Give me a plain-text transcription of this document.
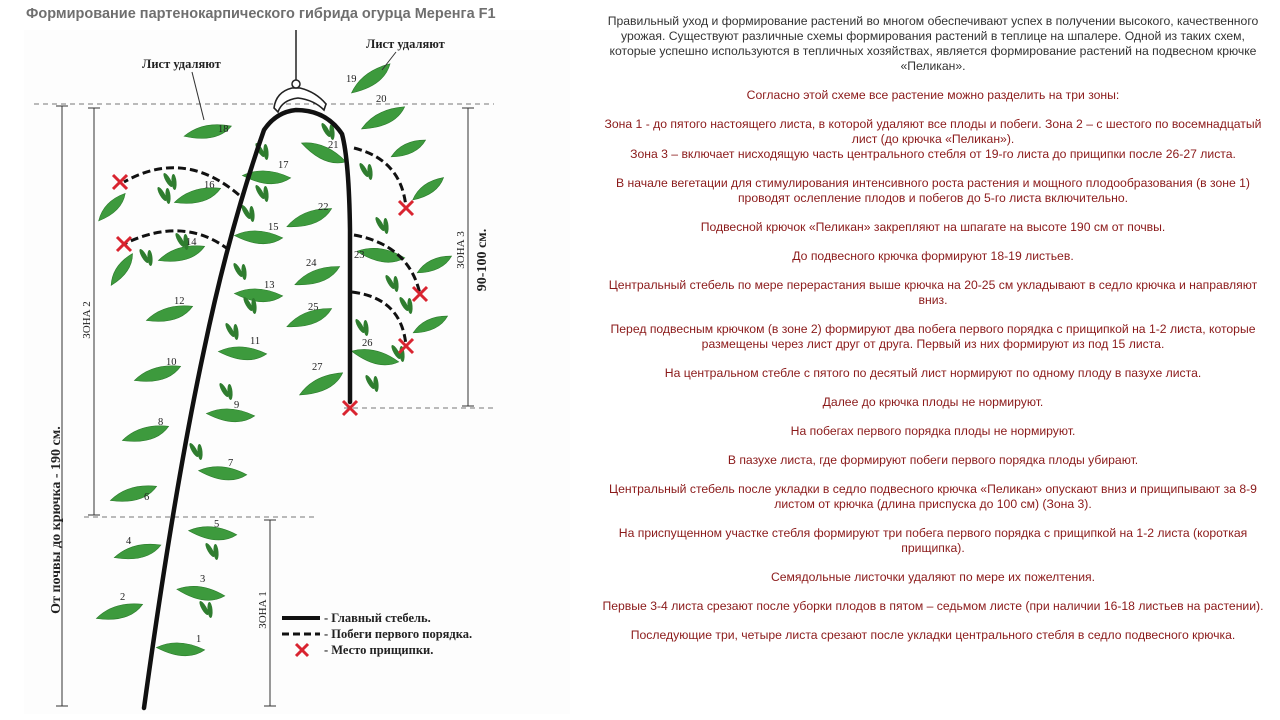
Формирование партенокарпического гибрида огурца Меренга F1
От почвы до крючка - 190 см.
ЗОНА 2
ЗОНА 1
ЗОНА 3 90-100 см.
1
2
3
4
5
6
7
8
9
10
11
12
13
14
15
16
17
18
19
20
21
22
23
24
25
26
27
Лист удаляют
Лист удаляют
- Главный стебель.
- Побеги первого порядка.
- Место прищипки.

Правильный уход и формирование растений во многом обеспечивают успех в получении высокого, качественного урожая. Существуют различные схемы формирования растений в теплице на шпалере. Одной из таких схем, которые успешно используются в тепличных хозяйствах, является формирование растений на подвесном крючке «Пеликан».

Согласно этой схеме все растение можно разделить на три зоны:

Зона 1 - до пятого настоящего листа, в которой удаляют все плоды и побеги. Зона 2 – с шестого по восемнадцатый лист (до крючка «Пеликан»).
Зона 3 – включает нисходящую часть центрального стебля от 19-го листа до прищипки после 26-27 листа.

В начале вегетации для стимулирования интенсивного роста растения и мощного плодообразования (в зоне 1) проводят ослепление плодов и побегов до 5-го листа включительно.

Подвесной крючок «Пеликан» закрепляют на шпагате на высоте 190 см от почвы.

До подвесного крючка формируют 18-19 листьев.

Центральный стебель по мере перерастания выше крючка на 20-25 см укладывают в седло крючка и направляют вниз.

Перед подвесным крючком (в зоне 2) формируют два побега первого порядка с прищипкой на 1-2 листа, которые размещены через лист друг от друга. Первый из них формируют из под 15 листа.

На центральном стебле с пятого по десятый лист нормируют по одному плоду в пазухе листа.

Далее до крючка плоды не нормируют.

На побегах первого порядка плоды не нормируют.

В пазухе листа, где формируют побеги первого порядка плоды убирают.

Центральный стебель после укладки в седло подвесного крючка «Пеликан» опускают вниз и прищипывают за 8-9 листом от крючка (длина приспуска до 100 см) (Зона 3).

На приспущенном участке стебля формируют три побега первого порядка с прищипкой на 1-2 листа (короткая прищипка).

Семядольные листочки удаляют по мере их пожелтения.

Первые 3-4 листа срезают после уборки плодов в пятом – седьмом листе (при наличии 16-18 листьев на растении).

Последующие три, четыре листа срезают после укладки центрального стебля в седло подвесного крючка.
